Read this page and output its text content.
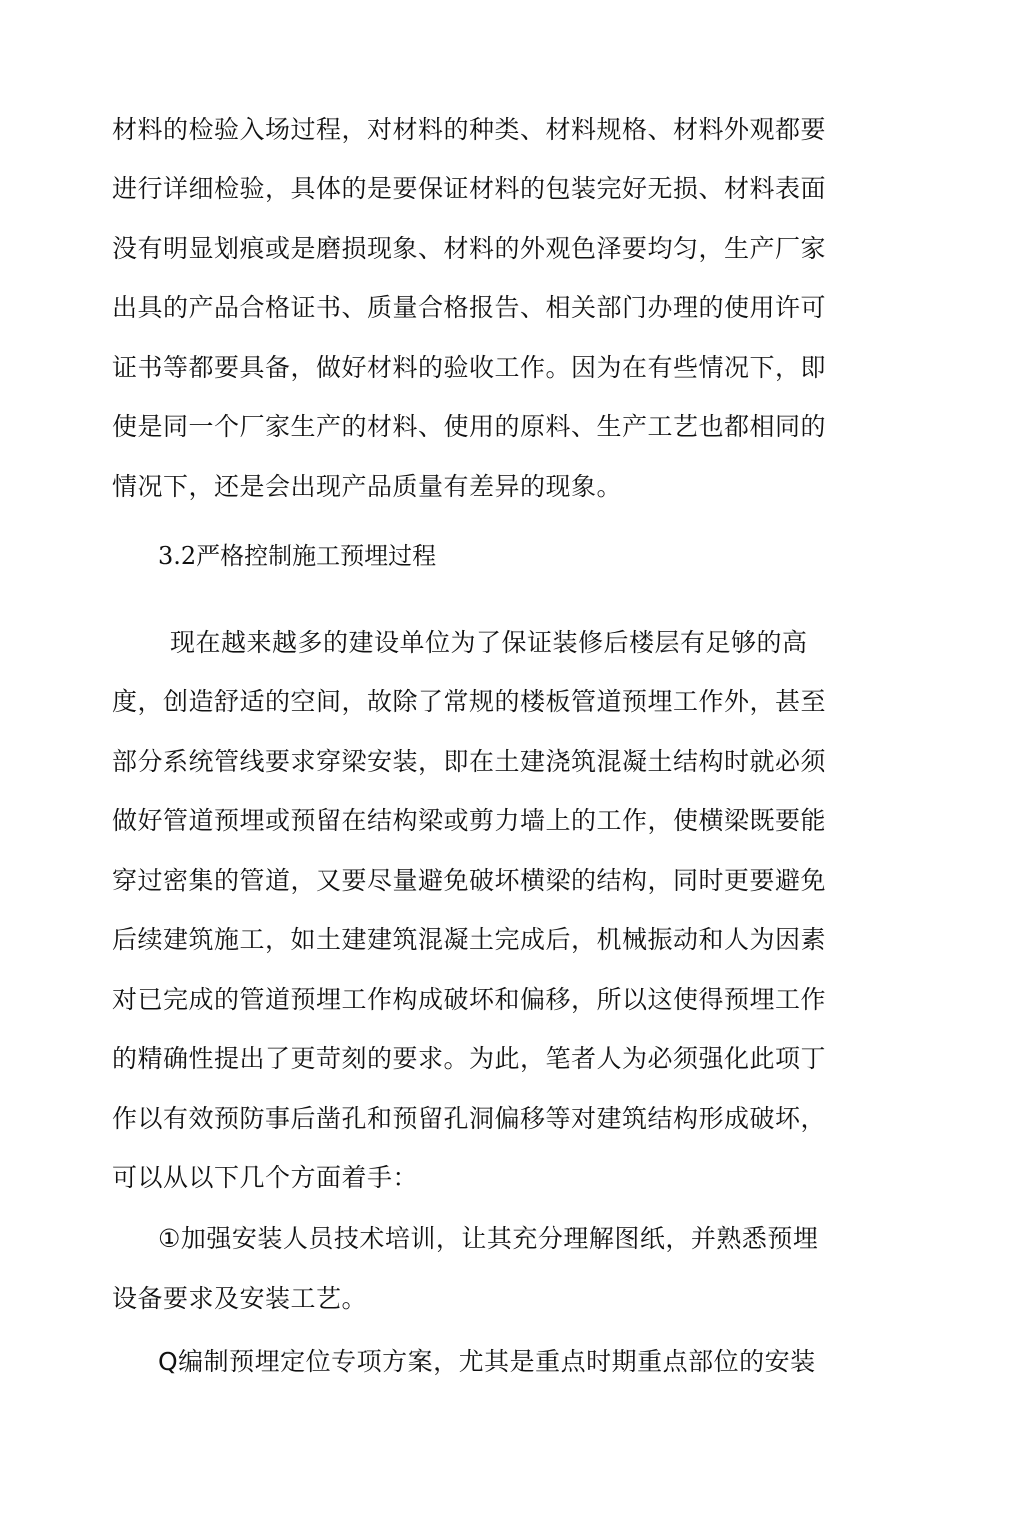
材料的检验入场过程，对材料的种类、材料规格、材料外观都要
进行详细检验，具体的是要保证材料的包装完好无损、材料表面
没有明显划痕或是磨损现象、材料的外观色泽要均匀，生产厂家
出具的产品合格证书、质量合格报告、相关部门办理的使用许可
证书等都要具备，做好材料的验收工作。因为在有些情况下，即
使是同一个厂家生产的材料、使用的原料、生产工艺也都相同的
情况下，还是会出现产品质量有差异的现象。
3.2严格控制施工预埋过程
现在越来越多的建设单位为了保证装修后楼层有足够的高
度，创造舒适的空间，故除了常规的楼板管道预埋工作外，甚至
部分系统管线要求穿梁安装，即在土建浇筑混凝土结构时就必须
做好管道预埋或预留在结构梁或剪力墙上的工作，使横梁既要能
穿过密集的管道，又要尽量避免破坏横梁的结构，同时更要避免
后续建筑施工，如土建建筑混凝土完成后，机械振动和人为因素
对已完成的管道预埋工作构成破坏和偏移，所以这使得预埋工作
的精确性提出了更苛刻的要求。为此，笔者人为必须强化此项丁
作以有效预防事后凿孔和预留孔洞偏移等对建筑结构形成破坏，
可以从以下几个方面着手：
①加强安装人员技术培训，让其充分理解图纸，并熟悉预埋
设备要求及安装工艺。
Q编制预埋定位专项方案，尤其是重点时期重点部位的安装
